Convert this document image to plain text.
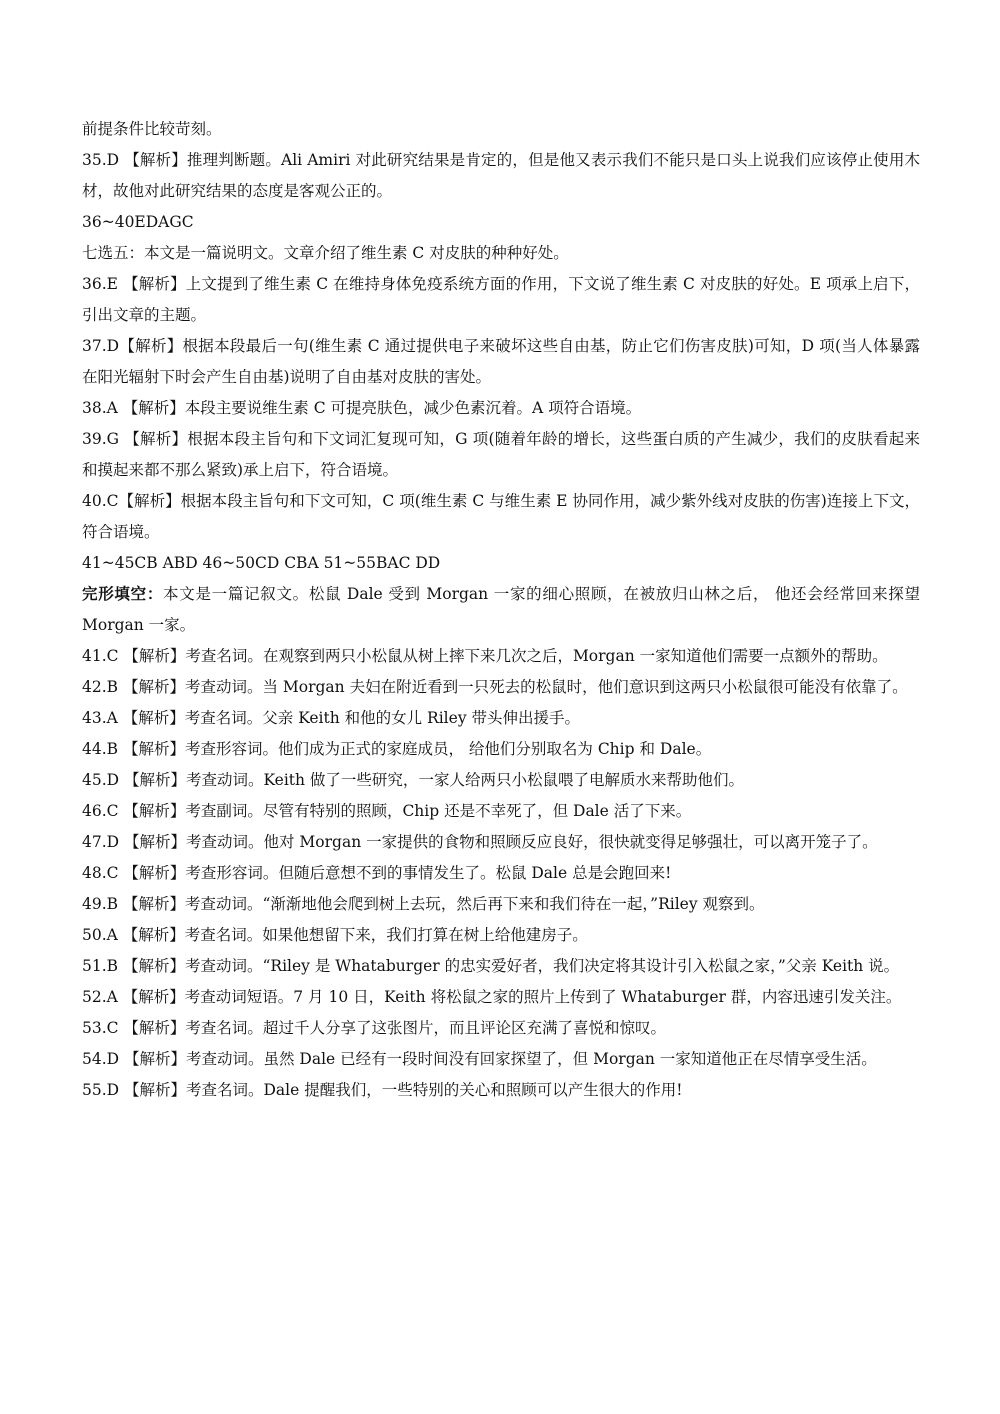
前提条件比较苛刻。

35.D 【解析】推理判断题。Ali Amiri 对此研究结果是肯定的，但是他又表示我们不能只是口头上说我们应该停止使用木材，故他对此研究结果的态度是客观公正的。

36~40EDAGC

七选五：本文是一篇说明文。文章介绍了维生素 C 对皮肤的种种好处。

36.E 【解析】上文提到了维生素 C 在维持身体免疫系统方面的作用，下文说了维生素 C 对皮肤的好处。E 项承上启下，引出文章的主题。

37.D【解析】根据本段最后一句(维生素 C 通过提供电子来破坏这些自由基，防止它们伤害皮肤)可知，D 项(当人体暴露在阳光辐射下时会产生自由基)说明了自由基对皮肤的害处。

38.A 【解析】本段主要说维生素 C 可提亮肤色，减少色素沉着。A 项符合语境。

39.G 【解析】根据本段主旨句和下文词汇复现可知，G 项(随着年龄的增长，这些蛋白质的产生减少，我们的皮肤看起来和摸起来都不那么紧致)承上启下，符合语境。

40.C【解析】根据本段主旨句和下文可知，C 项(维生素 C 与维生素 E 协同作用，减少紫外线对皮肤的伤害)连接上下文，符合语境。

41~45CB ABD 46~50CD CBA 51~55BAC DD

完形填空：本文是一篇记叙文。松鼠 Dale 受到 Morgan 一家的细心照顾，在被放归山林之后， 他还会经常回来探望 Morgan 一家。

41.C 【解析】考查名词。在观察到两只小松鼠从树上摔下来几次之后，Morgan 一家知道他们需要一点额外的帮助。

42.B 【解析】考查动词。当 Morgan 夫妇在附近看到一只死去的松鼠时，他们意识到这两只小松鼠很可能没有依靠了。

43.A 【解析】考查名词。父亲 Keith 和他的女儿 Riley 带头伸出援手。

44.B 【解析】考查形容词。他们成为正式的家庭成员， 给他们分别取名为 Chip 和 Dale。

45.D 【解析】考查动词。Keith 做了一些研究，一家人给两只小松鼠喂了电解质水来帮助他们。

46.C 【解析】考查副词。尽管有特别的照顾，Chip 还是不幸死了，但 Dale 活了下来。

47.D 【解析】考查动词。他对 Morgan 一家提供的食物和照顾反应良好，很快就变得足够强壮，可以离开笼子了。

48.C 【解析】考查形容词。但随后意想不到的事情发生了。松鼠 Dale 总是会跑回来!

49.B 【解析】考查动词。“渐渐地他会爬到树上去玩，然后再下来和我们待在一起，”Riley 观察到。

50.A 【解析】考查名词。如果他想留下来，我们打算在树上给他建房子。

51.B 【解析】考查动词。“Riley 是 Whataburger 的忠实爱好者，我们决定将其设计引入松鼠之家，”父亲 Keith 说。

52.A 【解析】考查动词短语。7 月 10 日，Keith 将松鼠之家的照片上传到了 Whataburger 群，内容迅速引发关注。

53.C 【解析】考查名词。超过千人分享了这张图片，而且评论区充满了喜悦和惊叹。

54.D 【解析】考查动词。虽然 Dale 已经有一段时间没有回家探望了，但 Morgan 一家知道他正在尽情享受生活。

55.D 【解析】考查名词。Dale 提醒我们，一些特别的关心和照顾可以产生很大的作用!
